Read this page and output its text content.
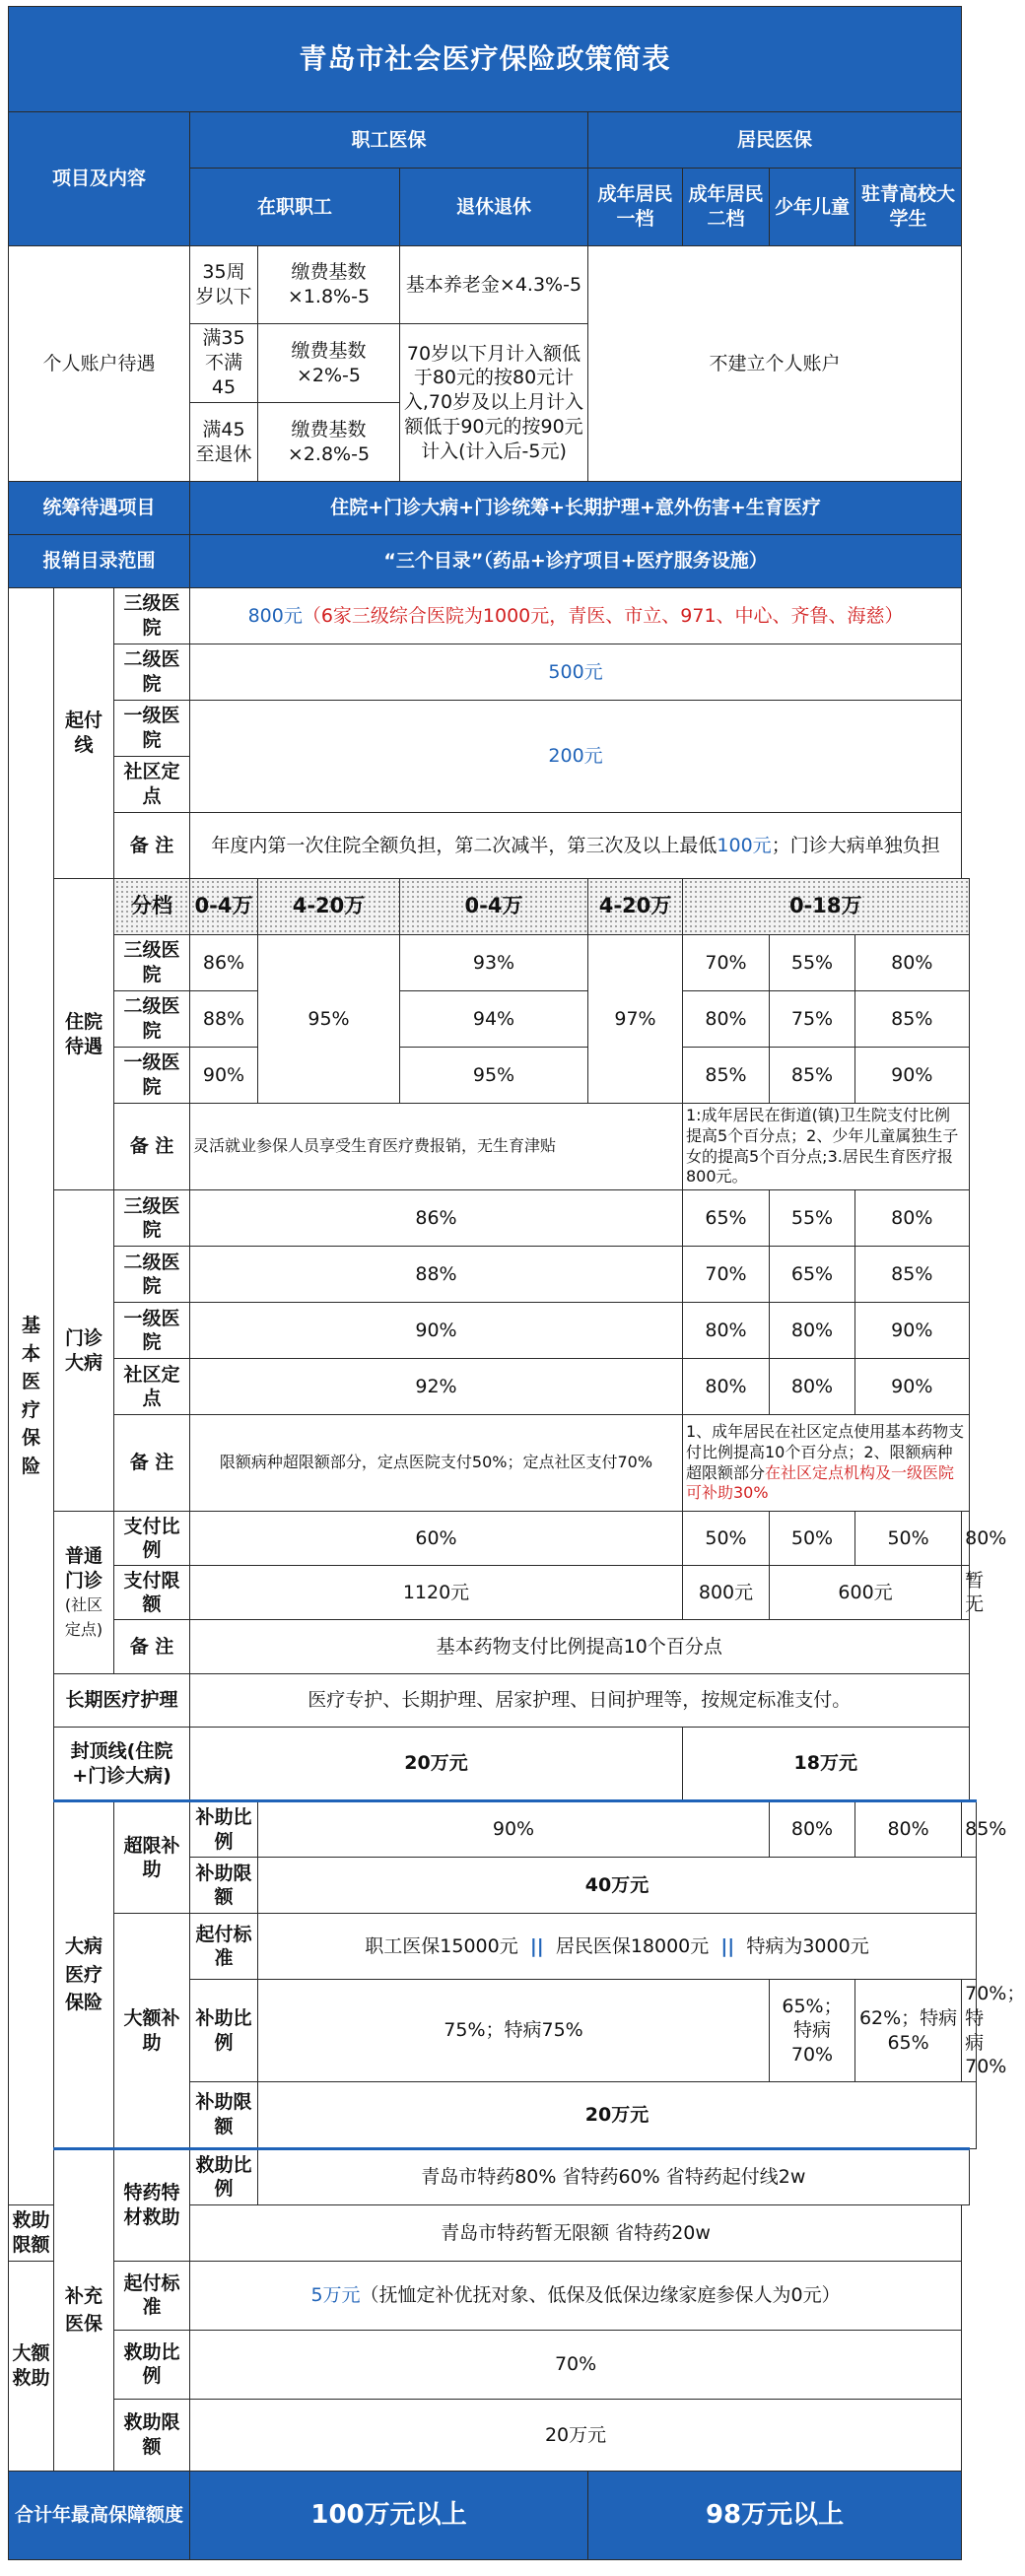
青岛市社会医疗保险政策简表										
项目及内容			职工医保			居民医保				
			在职职工		退休退休	成年居民一档	成年居民二档	少年儿童	驻青高校大学生	
个人账户待遇			35周岁以下	缴费基数×1.8%-5	基本养老金×4.3%-5	不建立个人账户				
			满35不满45	缴费基数×2%-5	70岁以下月计入额低于80元的按80元计入,70岁及以上月计入额低于90元的按90元计入(计入后-5元)					
			满45至退休	缴费基数×2.8%-5						
统筹待遇项目			住院+门诊大病+门诊统筹+长期护理+意外伤害+生育医疗							
报销目录范围			“三个目录”（药品+诊疗项目+医疗服务设施）							
基本医疗保险	起付线	三级医院	800元（6家三级综合医院为1000元，青医、市立、971、中心、齐鲁、海慈）							
		二级医院	500元							
		一级医院	200元							
		社区定点								
		备 注	年度内第一次住院全额负担，第二次减半，第三次及以上最低100元；门诊大病单独负担							
	住院待遇	分档	0-4万	4-20万	0-4万	4-20万	0-18万			
		三级医院	86%	95%	93%	97%	70%	55%	80%	
		二级医院	88%		94%		80%	75%	85%	
		一级医院	90%		95%		85%	85%	90%	
		备 注	灵活就业参保人员享受生育医疗费报销，无生育津贴				1:成年居民在街道(镇)卫生院支付比例提高5个百分点；2、少年儿童属独生子女的提高5个百分点;3.居民生育医疗报800元。			
	门诊大病	三级医院	86%				65%	55%	80%	
		二级医院	88%				70%	65%	85%	
		一级医院	90%				80%	80%	90%	
		社区定点	92%				80%	80%	90%	
		备 注	限额病种超限额部分，定点医院支付50%；定点社区支付70%				1、成年居民在社区定点使用基本药物支付比例提高10个百分点；2、限额病种超限额部分在社区定点机构及一级医院可补助30%			
	普通门诊
(社区定点)	支付比例	60%				50%	50%	50%	80%
		支付限额	1120元				800元	600元		暂无
		备 注	基本药物支付比例提高10个百分点							
	长期医疗护理		医疗专护、长期护理、居家护理、日间护理等，按规定标准支付。							
	封顶线(住院+门诊大病)		20万元				18万元			
	大病医疗保险	超限补助	补助比例	90%				80%	80%	85%
			补助限额	40万元						
		大额补助	起付标准	职工医保15000元 || 居民医保18000元 || 特病为3000元						
			补助比例	75%；特病75%				65%；特病70%	62%；特病65%	70%；特病70%
			补助限额	20万元						
	补充医保	特药特材救助	救助比例	青岛市特药80% 省特药60% 省特药起付线2w						
救助限额			青岛市特药暂无限额 省特药20w							
大额救助		起付标准	5万元（抚恤定补优抚对象、低保及低保边缘家庭参保人为0元）							
		救助比例	70%							
		救助限额	20万元							
合计年最高保障额度			100万元以上			98万元以上				
